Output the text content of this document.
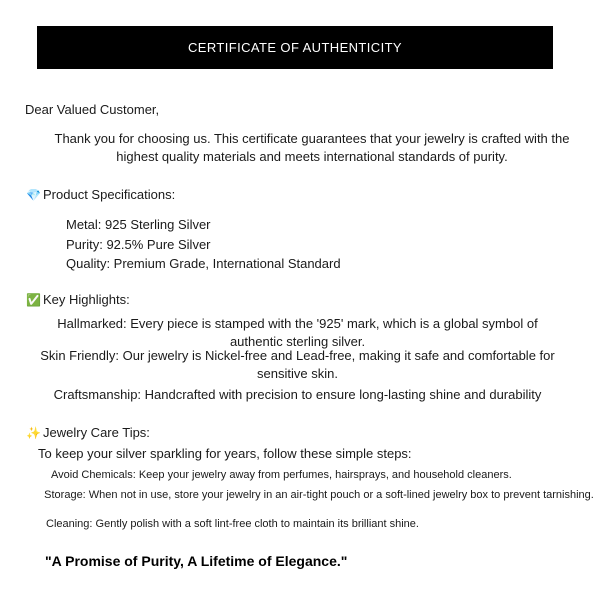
CERTIFICATE OF AUTHENTICITY
Dear Valued Customer,
Thank you for choosing us. This certificate guarantees that your jewelry is crafted with the highest quality materials and meets international standards of purity.
💎 Product Specifications:
Metal: 925 Sterling Silver
Purity: 92.5% Pure Silver
Quality: Premium Grade, International Standard
✅ Key Highlights:
Hallmarked: Every piece is stamped with the '925' mark, which is a global symbol of authentic sterling silver.
Skin Friendly: Our jewelry is Nickel-free and Lead-free, making it safe and comfortable for sensitive skin.
Craftsmanship: Handcrafted with precision to ensure long-lasting shine and durability
✨ Jewelry Care Tips:
To keep your silver sparkling for years, follow these simple steps:
Avoid Chemicals: Keep your jewelry away from perfumes, hairsprays, and household cleaners.
Storage: When not in use, store your jewelry in an air-tight pouch or a soft-lined jewelry box to prevent tarnishing.
Cleaning: Gently polish with a soft lint-free cloth to maintain its brilliant shine.
"A Promise of Purity, A Lifetime of Elegance."
